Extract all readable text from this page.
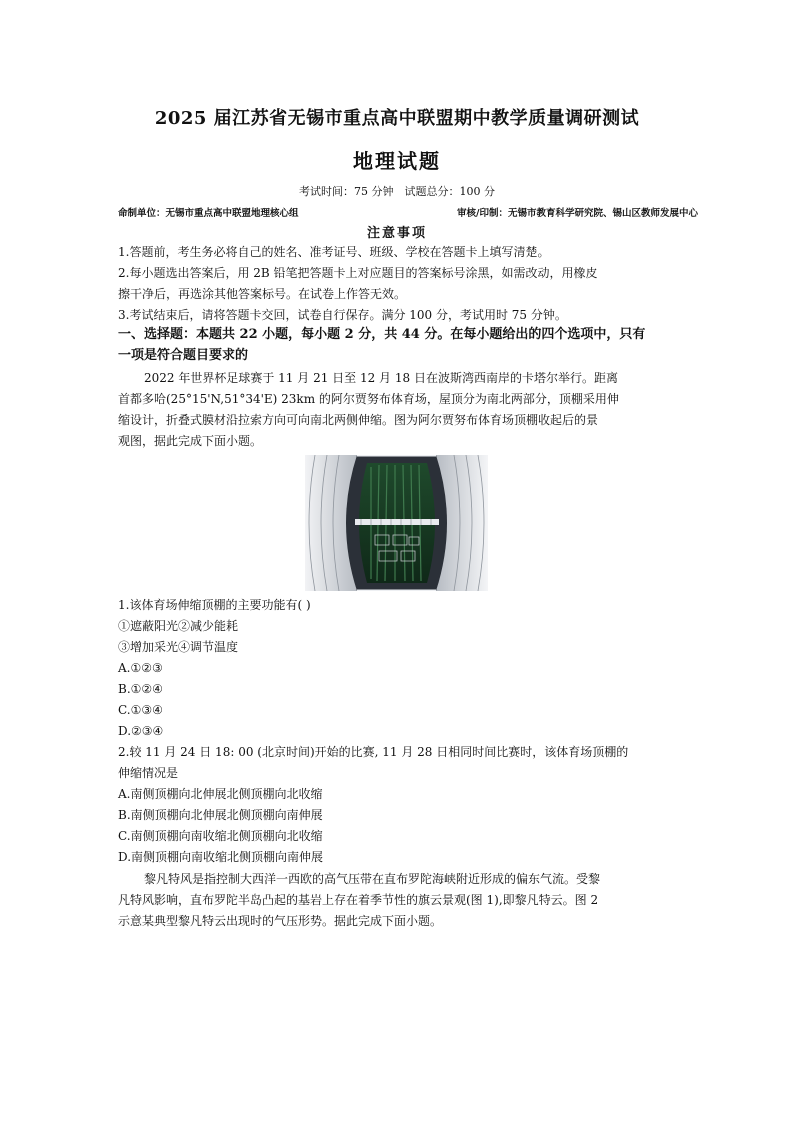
2025 届江苏省无锡市重点高中联盟期中教学质量调研测试
地理试题
考试时间：75 分钟　试题总分：100 分
命制单位：无锡市重点高中联盟地理核心组	审核/印制：无锡市教育科学研究院、锡山区教师发展中心
注意事项
1.答题前，考生务必将自己的姓名、准考证号、班级、学校在答题卡上填写清楚。
2.每小题选出答案后，用 2B 铅笔把答题卡上对应题目的答案标号涂黑，如需改动，用橡皮
擦干净后，再选涂其他答案标号。在试卷上作答无效。
3.考试结束后，请将答题卡交回，试卷自行保存。满分 100 分，考试用时 75 分钟。
一、选择题：本题共 22 小题，每小题 2 分，共 44 分。在每小题给出的四个选项中，只有
一项是符合题目要求的
2022 年世界杯足球赛于 11 月 21 日至 12 月 18 日在波斯湾西南岸的卡塔尔举行。距离
首都多哈(25°15'N,51°34'E) 23km 的阿尔贾努布体育场，屋顶分为南北两部分，顶棚采用伸
缩设计，折叠式膜材沿拉索方向可向南北两侧伸缩。图为阿尔贾努布体育场顶棚收起后的景
观图，据此完成下面小题。
1.该体育场伸缩顶棚的主要功能有( )
①遮蔽阳光②减少能耗
③增加采光④调节温度
A.①②③
B.①②④
C.①③④
D.②③④
2.较 11 月 24 日 18: 00 (北京时间)开始的比赛, 11 月 28 日相同时间比赛时，该体育场顶棚的
伸缩情况是
A.南侧顶棚向北伸展北侧顶棚向北收缩
B.南侧顶棚向北伸展北侧顶棚向南伸展
C.南侧顶棚向南收缩北侧顶棚向北收缩
D.南侧顶棚向南收缩北侧顶棚向南伸展
黎凡特风是指控制大西洋一西欧的高气压带在直布罗陀海峡附近形成的偏东气流。受黎
凡特风影响，直布罗陀半岛凸起的基岩上存在着季节性的旗云景观(图 1),即黎凡特云。图 2
示意某典型黎凡特云出现时的气压形势。据此完成下面小题。
